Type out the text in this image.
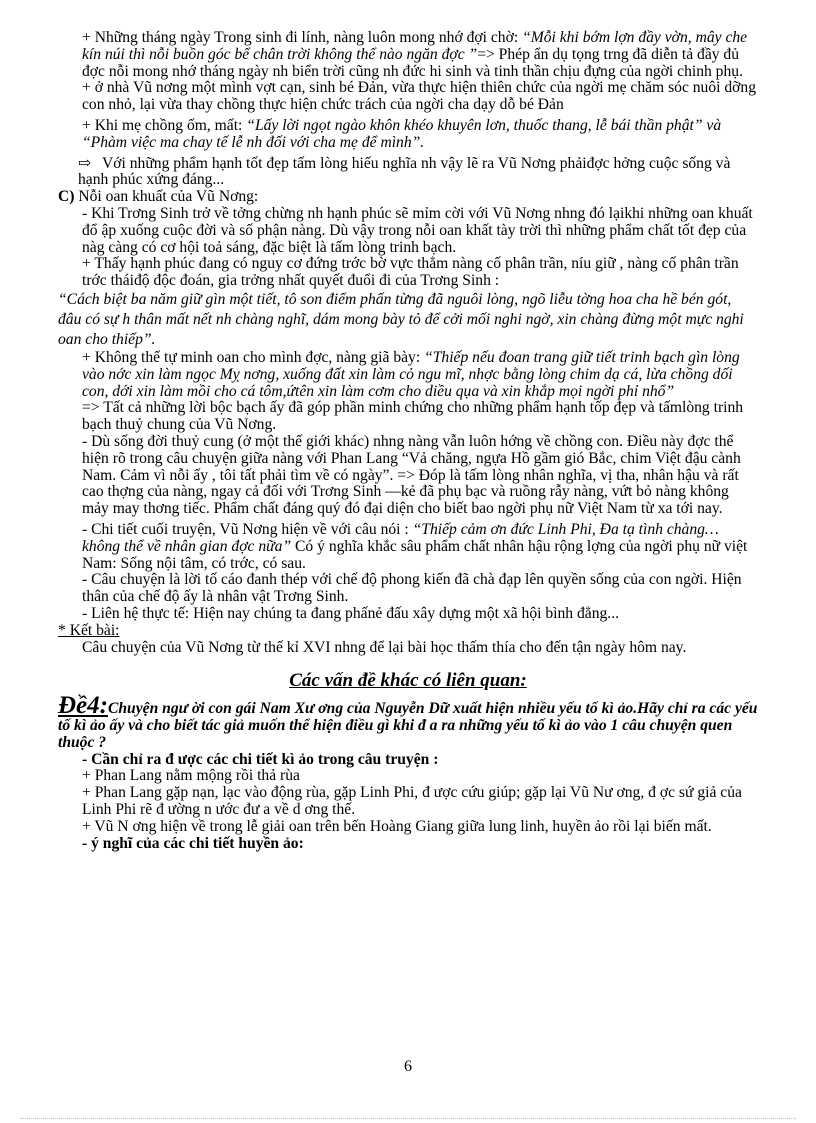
+ Những tháng ngày Trong sinh đi lính, nàng luôn mong nhớ đợi chờ: “Mỗi khi bớm lợn đầy vờn, mây che kín núi thì nỗi buồn góc bể chân trời không thể nào ngăn đợc ”=> Phép ẩn dụ tọng trng đã diễn tả đầy đủ đợc nỗi mong nhớ tháng ngày nh biển trời cũng nh đức hi sinh và tinh thần chịu đựng của ngời chinh phụ.

+ ở nhà Vũ nơng một mình vợt cạn, sinh bé Đản, vừa thực hiện thiên chức của ngời mẹ chăm sóc nuôi dỡng con nhỏ, lại vừa thay chồng thực hiện chức trách của ngời cha dạy dỗ bé Đản

+ Khi mẹ chồng ốm, mất: “Lấy lời ngọt ngào khôn khéo khuyên lơn, thuốc thang, lễ bái thần phật” và “Phàm việc ma chay tế lễ nh đối với cha mẹ để mình”.

⇨ Với những phẩm hạnh tốt đẹp tấm lòng hiếu nghĩa nh vậy lẽ ra Vũ Nơng phảiđợc hởng cuộc sống và hạnh phúc xứng đáng...

C) Nỗi oan khuất của Vũ Nơng:

- Khi Trơng Sinh trở về tởng chừng nh hạnh phúc sẽ mỉm cời với Vũ Nơng nhng đó lạikhi những oan khuất đổ ập xuống cuộc đời và số phận nàng. Dù vậy trong nỗi oan khất tày trời thì những phẩm chất tốt đẹp của nàg càng có cơ hội toả sáng, đặc biệt là tấm lòng trinh bạch.

+ Thấy hạnh phúc đang có nguy cơ đứng trớc bờ vực thẳm nàng cố phân trần, níu giữ , nàng cố phân trần trớc tháiđộ độc đoán, gia trởng nhất quyết đuổi đi của Trơng Sinh :

“Cách biệt ba năm giữ gìn một tiết, tô son điểm phấn từng đã nguôi lòng, ngõ liễu tờng hoa cha hề bén gót, đâu có sự h thân mất nết nh chàng nghĩ, dám mong bày tỏ để cởi mối nghi ngờ, xin chàng đừng một mực nghi oan cho thiếp”.

+ Không thể tự minh oan cho mình đợc, nàng giã bày: “Thiếp nếu đoan trang giữ tiết trinh bạch gìn lòng vào nớc xin làm ngọc Mỵ nơng, xuống đất xin làm cỏ ngu mĩ, nhợc bằng lòng chim dạ cá, lừa chồng dối con, dới xin làm mồi cho cá tôm,ứtên xin làm cơm cho diều qụa và xin khắp mọi ngời phỉ nhổ”

=> Tất cả những lời bộc bạch ấy đã góp phần minh chứng cho những phẩm hạnh tốp đẹp và tấmlòng trinh bạch thuỷ chung của Vũ Nơng.

- Dù sống đời thuỷ cung (ở một thế giới khác) nhng nàng vẫn luôn hớng về chồng con. Điều này đợc thể hiện rõ trong câu chuyện giữa nàng với Phan Lang “Vả chăng, ngựa Hồ gầm gió Bắc, chim Việt đậu cành Nam. Cảm vì nỗi ấy , tôi tất phải tìm về có ngày”. => Đóp là tấm lòng nhân nghĩa, vị tha, nhân hậu và rất cao thợng của nàng, ngay cả đối với Trơng Sinh —kẻ đã phụ bạc và ruồng rẫy nàng, vứt bỏ nàng không mảy may thơng tiếc. Phẩm chất đáng quý đó đại diện cho biết bao ngời phụ nữ Việt Nam từ xa tới nay.

- Chi tiết cuối truyện, Vũ Nơng hiện về với câu nói : “Thiếp cảm ơn đức Linh Phi, Đa tạ tình chàng… không thể về nhân gian đợc nữa” Có ý nghĩa khắc sâu phẩm chất nhân hậu rộng lợng của ngời phụ nữ việt Nam: Sống nội tâm, có trớc, có sau.

- Câu chuyện là lời tố cáo đanh thép với chế độ phong kiến đã chà đạp lên quyền sống của con ngời. Hiện thân của chế độ ấy là nhân vật Trơng Sinh.

- Liên hệ thực tế: Hiện nay chúng ta đang phấnẻ đấu xây dựng một xã hội bình đẳng...

* Kết bài:

Câu chuyện của Vũ Nơng từ thế kỉ XVI nhng để lại bài học thấm thía cho đến tận ngày hôm nay.

Các vấn đề khác có liên quan:

Đề4:Chuyện ngư ời con gái Nam Xư ơng của Nguyễn Dữ xuất hiện nhiều yếu tố kì ảo.Hãy chỉ ra các yếu tố kì ảo ấy và cho biết tác giả muốn thể hiện điều gì khi đ a ra những yếu tố kì ảo vào 1 câu chuyện quen thuộc ?

- Cần chỉ ra đ ược các chi tiết kì ảo trong câu truyện :

+ Phan Lang nằm mộng rồi thả rùa

+ Phan Lang gặp nạn, lạc vào động rùa, gặp Linh Phi, đ ược cứu giúp; gặp lại Vũ Nư ơng, đ ợc sứ giả của Linh Phi rẽ đ ường n ước đư a về d ơng thế.

+ Vũ N ơng hiện về trong lễ giải oan trên bến Hoàng Giang giữa lung linh, huyền ảo rồi lại biến mất.

- ý nghĩ của các chi tiết huyền ảo:

6
